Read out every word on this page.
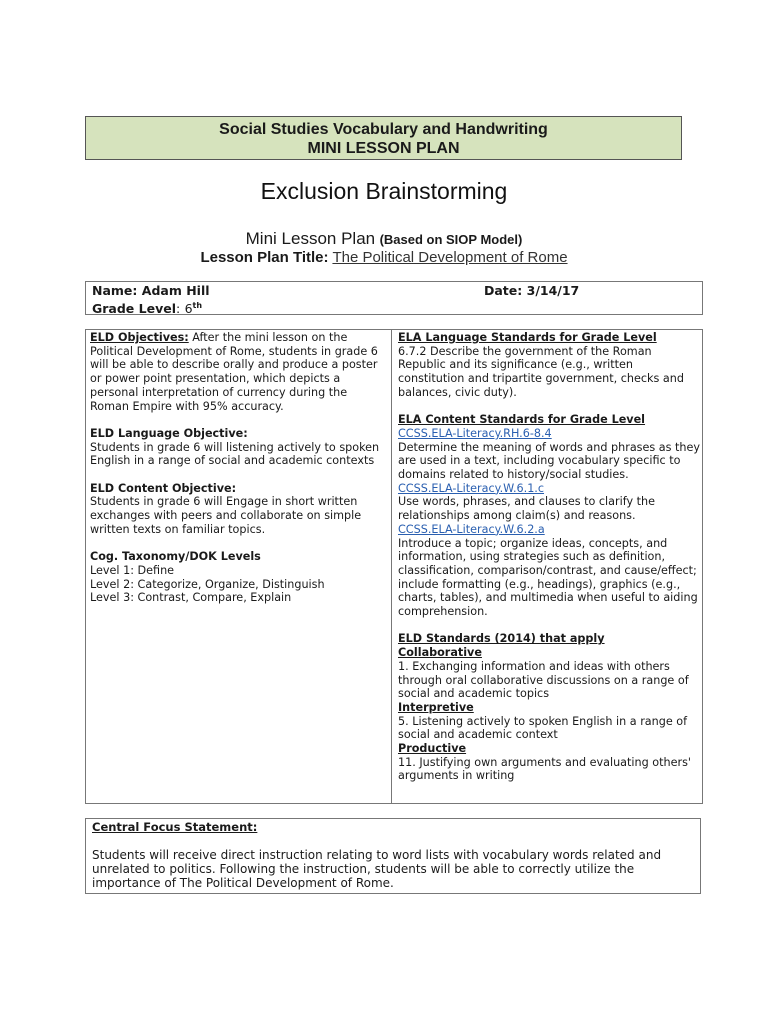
Social Studies Vocabulary and Handwriting
MINI LESSON PLAN
Exclusion Brainstorming
Mini Lesson Plan (Based on SIOP Model)
Lesson Plan Title: The Political Development of Rome
Name: Adam Hill
Grade Level: 6th
Date: 3/14/17
ELD Objectives: After the mini lesson on the Political Development of Rome, students in grade 6 will be able to describe orally and produce a poster or power point presentation, which depicts a personal interpretation of currency during the Roman Empire with 95% accuracy.
ELD Language Objective:
Students in grade 6 will listening actively to spoken English in a range of social and academic contexts
ELD Content Objective:
Students in grade 6 will Engage in short written exchanges with peers and collaborate on simple written texts on familiar topics.
Cog. Taxonomy/DOK Levels
Level 1: Define
Level 2: Categorize, Organize, Distinguish
Level 3: Contrast, Compare, Explain
ELA Language Standards for Grade Level
6.7.2 Describe the government of the Roman Republic and its significance (e.g., written constitution and tripartite government, checks and balances, civic duty).
ELA Content Standards for Grade Level
CCSS.ELA-Literacy.RH.6-8.4
Determine the meaning of words and phrases as they are used in a text, including vocabulary specific to domains related to history/social studies.
CCSS.ELA-Literacy.W.6.1.c
Use words, phrases, and clauses to clarify the relationships among claim(s) and reasons.
CCSS.ELA-Literacy.W.6.2.a
Introduce a topic; organize ideas, concepts, and information, using strategies such as definition, classification, comparison/contrast, and cause/effect; include formatting (e.g., headings), graphics (e.g., charts, tables), and multimedia when useful to aiding comprehension.
ELD Standards (2014) that apply
Collaborative
1. Exchanging information and ideas with others through oral collaborative discussions on a range of social and academic topics
Interpretive
5. Listening actively to spoken English in a range of social and academic context
Productive
11. Justifying own arguments and evaluating others' arguments in writing
Central Focus Statement:
Students will receive direct instruction relating to word lists with vocabulary words related and unrelated to politics. Following the instruction, students will be able to correctly utilize the importance of The Political Development of Rome.
